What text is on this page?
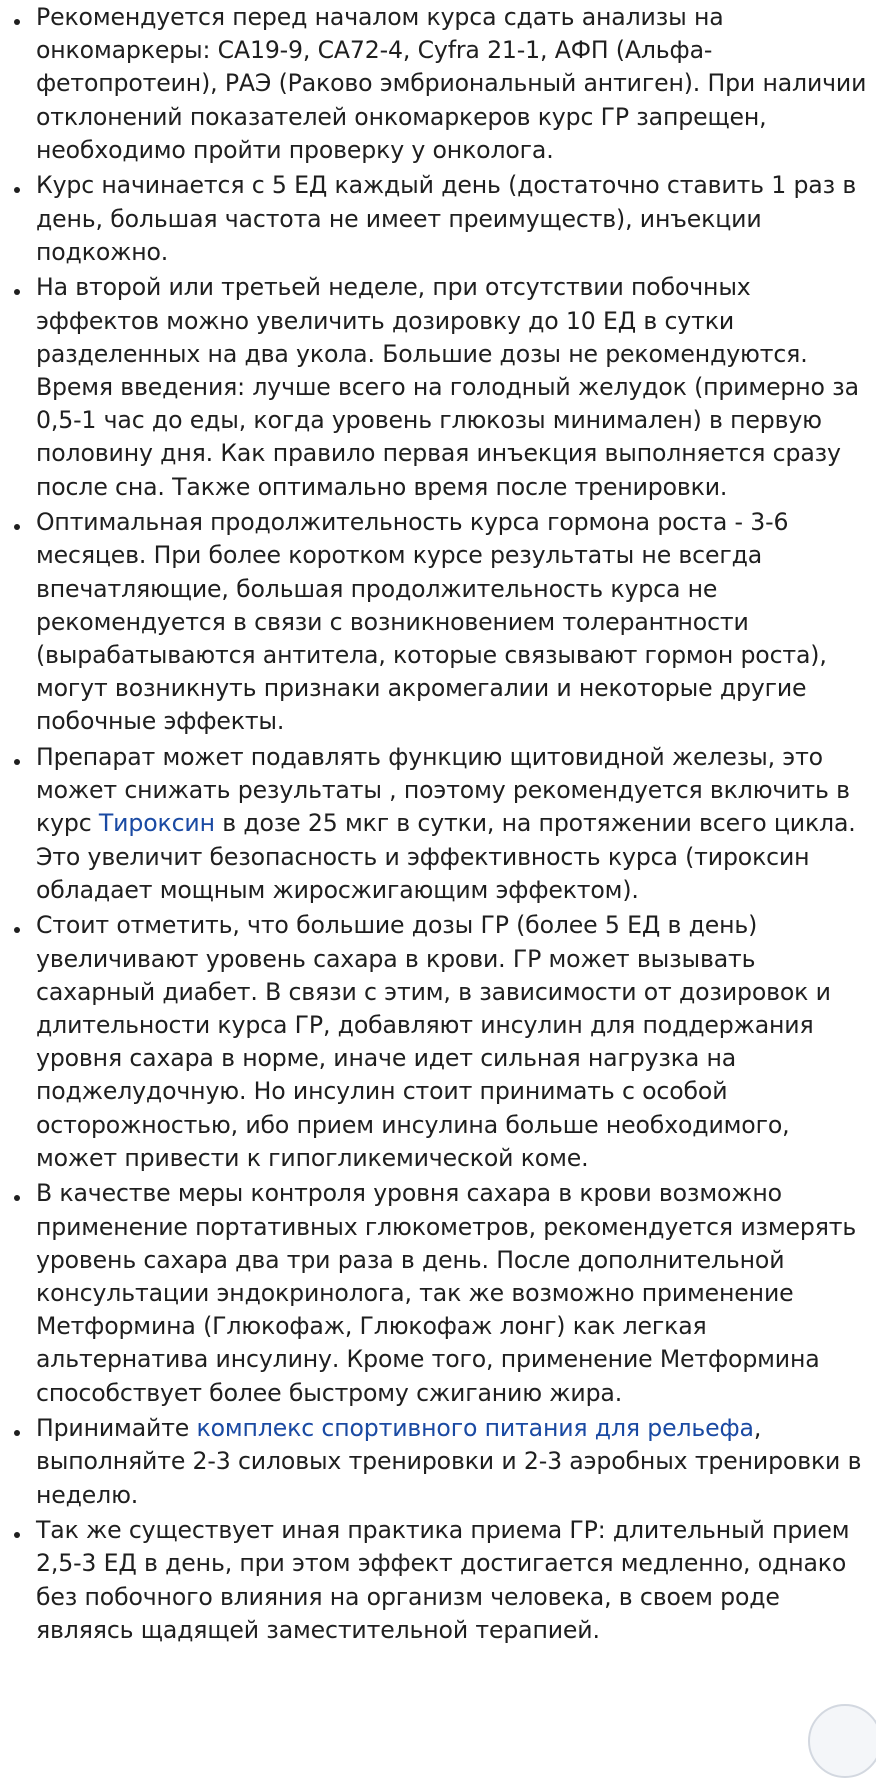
Рекомендуется перед началом курса сдать анализы на онкомаркеры: СА19-9, СА72-4, Cyfra 21-1, АФП (Альфа-фетопротеин), РАЭ (Раково эмбриональный антиген). При наличии отклонений показателей онкомаркеров курс ГР запрещен, необходимо пройти проверку у онколога.
Курс начинается с 5 ЕД каждый день (достаточно ставить 1 раз в день, большая частота не имеет преимуществ), инъекции подкожно.
На второй или третьей неделе, при отсутствии побочных эффектов можно увеличить дозировку до 10 ЕД в сутки разделенных на два укола. Большие дозы не рекомендуются. Время введения: лучше всего на голодный желудок (примерно за 0,5-1 час до еды, когда уровень глюкозы минимален) в первую половину дня. Как правило первая инъекция выполняется сразу после сна. Также оптимально время после тренировки.
Оптимальная продолжительность курса гормона роста - 3-6 месяцев. При более коротком курсе результаты не всегда впечатляющие, большая продолжительность курса не рекомендуется в связи с возникновением толерантности (вырабатываются антитела, которые связывают гормон роста), могут возникнуть признаки акромегалии и некоторые другие побочные эффекты.
Препарат может подавлять функцию щитовидной железы, это может снижать результаты , поэтому рекомендуется включить в курс Тироксин в дозе 25 мкг в сутки, на протяжении всего цикла. Это увеличит безопасность и эффективность курса (тироксин обладает мощным жиросжигающим эффектом).
Стоит отметить, что большие дозы ГР (более 5 ЕД в день) увеличивают уровень сахара в крови. ГР может вызывать сахарный диабет. В связи с этим, в зависимости от дозировок и длительности курса ГР, добавляют инсулин для поддержания уровня сахара в норме, иначе идет сильная нагрузка на поджелудочную. Но инсулин стоит принимать с особой осторожностью, ибо прием инсулина больше необходимого, может привести к гипогликемической коме.
В качестве меры контроля уровня сахара в крови возможно применение портативных глюкометров, рекомендуется измерять уровень сахара два три раза в день. После дополнительной консультации эндокринолога, так же возможно применение Метформина (Глюкофаж, Глюкофаж лонг) как легкая альтернатива инсулину. Кроме того, применение Метформина способствует более быстрому сжиганию жира.
Принимайте комплекс спортивного питания для рельефа, выполняйте 2-3 силовых тренировки и 2-3 аэробных тренировки в неделю.
Так же существует иная практика приема ГР: длительный прием 2,5-3 ЕД в день, при этом эффект достигается медленно, однако без побочного влияния на организм человека, в своем роде являясь щадящей заместительной терапией.
